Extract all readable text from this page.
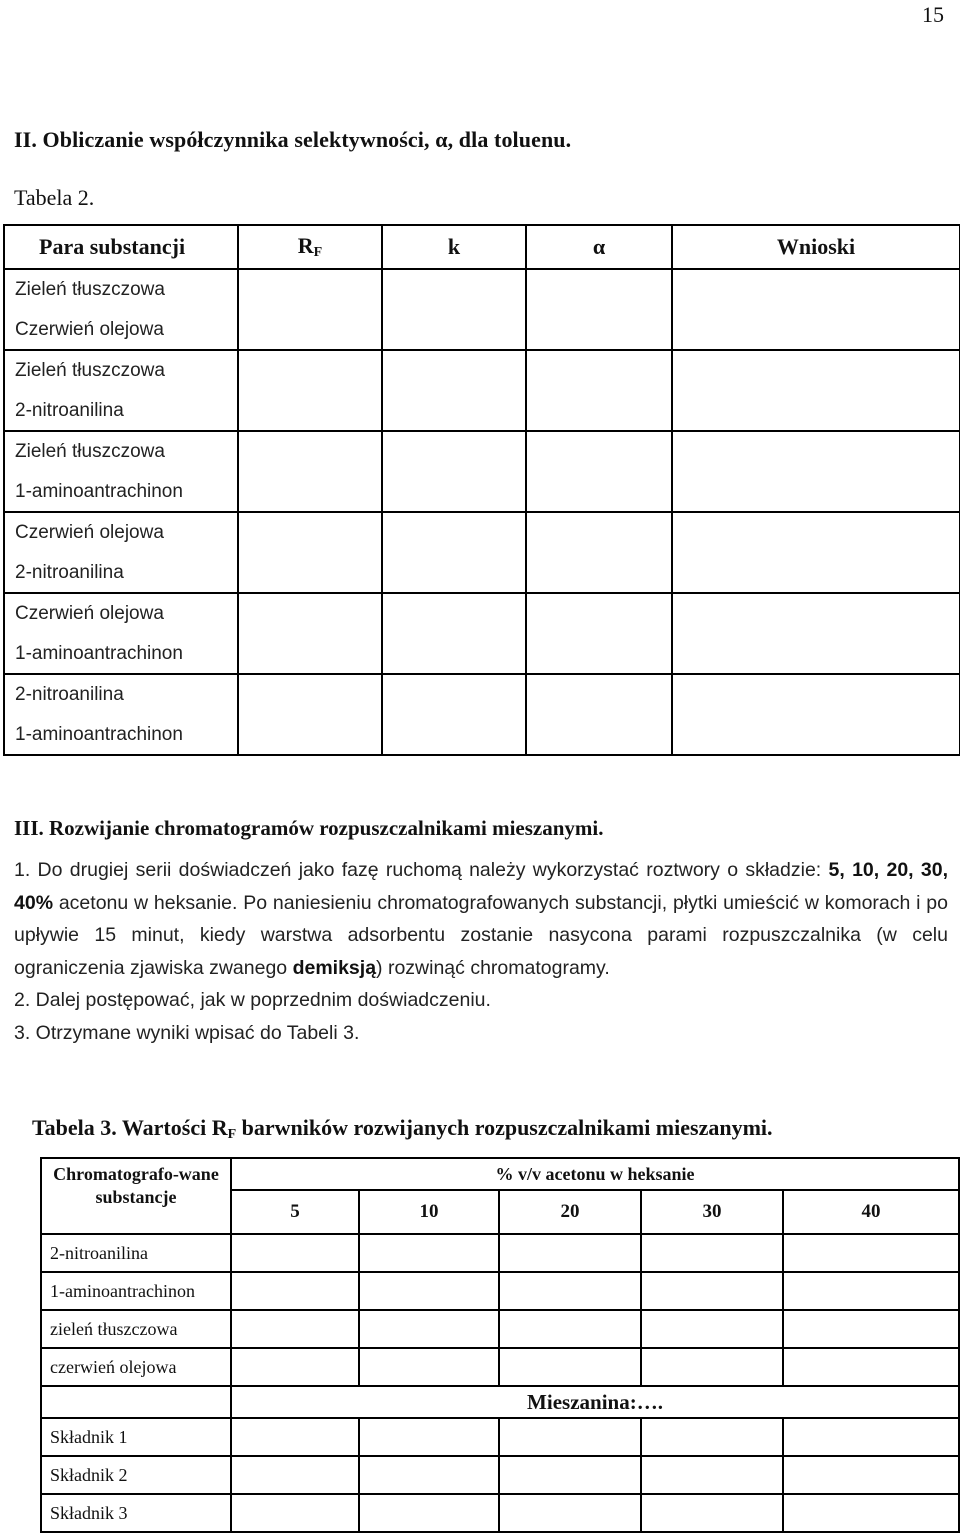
15
II. Obliczanie współczynnika selektywności, α, dla toluenu.
Tabela 2.
Para substancji	$R_F$	k	α	Wnioski

Zieleń tłuszczowa
Czerwień olejowa				

Zieleń tłuszczowa
2-nitroanilina				

Zieleń tłuszczowa
1-aminoantrachinon				

Czerwień olejowa
2-nitroanilina				

Czerwień olejowa
1-aminoantrachinon				

2-nitroanilina
1-aminoantrachinon				

III. Rozwijanie chromatogramów rozpuszczalnikami mieszanymi.

1. Do drugiej serii doświadczeń jako fazę ruchomą należy wykorzystać roztwory o składzie: 5, 10, 20, 30, 40% acetonu w heksanie. Po naniesieniu chromatografowanych substancji, płytki umieścić w komorach i po upływie 15 minut, kiedy warstwa adsorbentu zostanie nasycona parami rozpuszczalnika (w celu ograniczenia zjawiska zwanego demiksją) rozwinąć chromatogramy.

2. Dalej postępować, jak w poprzednim doświadczeniu.

3. Otrzymane wyniki wpisać do Tabeli 3.

Tabela 3. Wartości $R_F$ barwników rozwijanych rozpuszczalnikami mieszanymi.
Chromatografo-wane substancje	% v/v acetonu w heksanie				
	5	10	20	30	40
2-nitroanilina					
1-aminoantrachinon					
zieleń tłuszczowa					
czerwień olejowa					
	Mieszanina:….				
Składnik 1					
Składnik 2					
Składnik 3					
